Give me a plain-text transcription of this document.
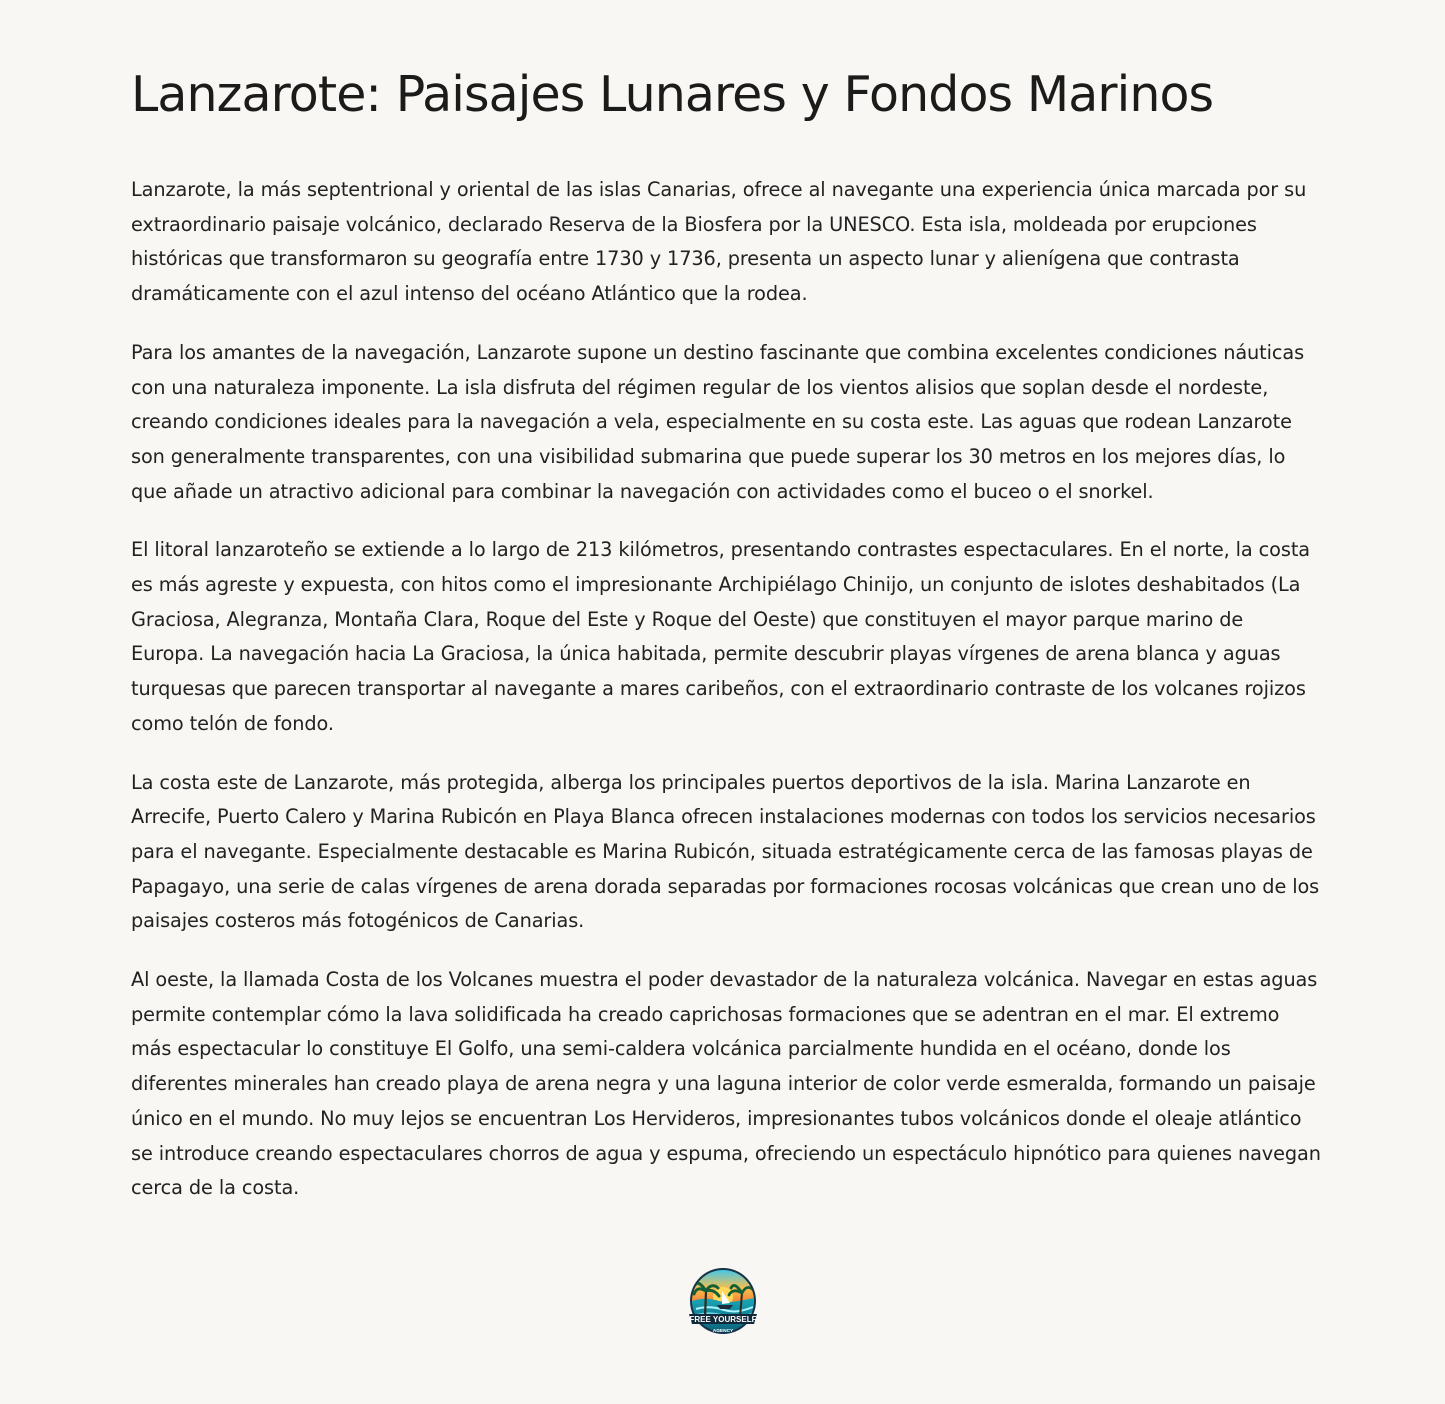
Lanzarote: Paisajes Lunares y Fondos Marinos

Lanzarote, la más septentrional y oriental de las islas Canarias, ofrece al navegante una experiencia única marcada por su extraordinario paisaje volcánico, declarado Reserva de la Biosfera por la UNESCO. Esta isla, moldeada por erupciones históricas que transformaron su geografía entre 1730 y 1736, presenta un aspecto lunar y alienígena que contrasta dramáticamente con el azul intenso del océano Atlántico que la rodea.

Para los amantes de la navegación, Lanzarote supone un destino fascinante que combina excelentes condiciones náuticas con una naturaleza imponente. La isla disfruta del régimen regular de los vientos alisios que soplan desde el nordeste, creando condiciones ideales para la navegación a vela, especialmente en su costa este. Las aguas que rodean Lanzarote son generalmente transparentes, con una visibilidad submarina que puede superar los 30 metros en los mejores días, lo que añade un atractivo adicional para combinar la navegación con actividades como el buceo o el snorkel.

El litoral lanzaroteño se extiende a lo largo de 213 kilómetros, presentando contrastes espectaculares. En el norte, la costa es más agreste y expuesta, con hitos como el impresionante Archipiélago Chinijo, un conjunto de islotes deshabitados (La Graciosa, Alegranza, Montaña Clara, Roque del Este y Roque del Oeste) que constituyen el mayor parque marino de Europa. La navegación hacia La Graciosa, la única habitada, permite descubrir playas vírgenes de arena blanca y aguas turquesas que parecen transportar al navegante a mares caribeños, con el extraordinario contraste de los volcanes rojizos como telón de fondo.

La costa este de Lanzarote, más protegida, alberga los principales puertos deportivos de la isla. Marina Lanzarote en Arrecife, Puerto Calero y Marina Rubicón en Playa Blanca ofrecen instalaciones modernas con todos los servicios necesarios para el navegante. Especialmente destacable es Marina Rubicón, situada estratégicamente cerca de las famosas playas de Papagayo, una serie de calas vírgenes de arena dorada separadas por formaciones rocosas volcánicas que crean uno de los paisajes costeros más fotogénicos de Canarias.

Al oeste, la llamada Costa de los Volcanes muestra el poder devastador de la naturaleza volcánica. Navegar en estas aguas permite contemplar cómo la lava solidificada ha creado caprichosas formaciones que se adentran en el mar. El extremo más espectacular lo constituye El Golfo, una semi-caldera volcánica parcialmente hundida en el océano, donde los diferentes minerales han creado playa de arena negra y una laguna interior de color verde esmeralda, formando un paisaje único en el mundo. No muy lejos se encuentran Los Hervideros, impresionantes tubos volcánicos donde el oleaje atlántico se introduce creando espectaculares chorros de agua y espuma, ofreciendo un espectáculo hipnótico para quienes navegan cerca de la costa.

FREE YOURSELF
AGENCY
